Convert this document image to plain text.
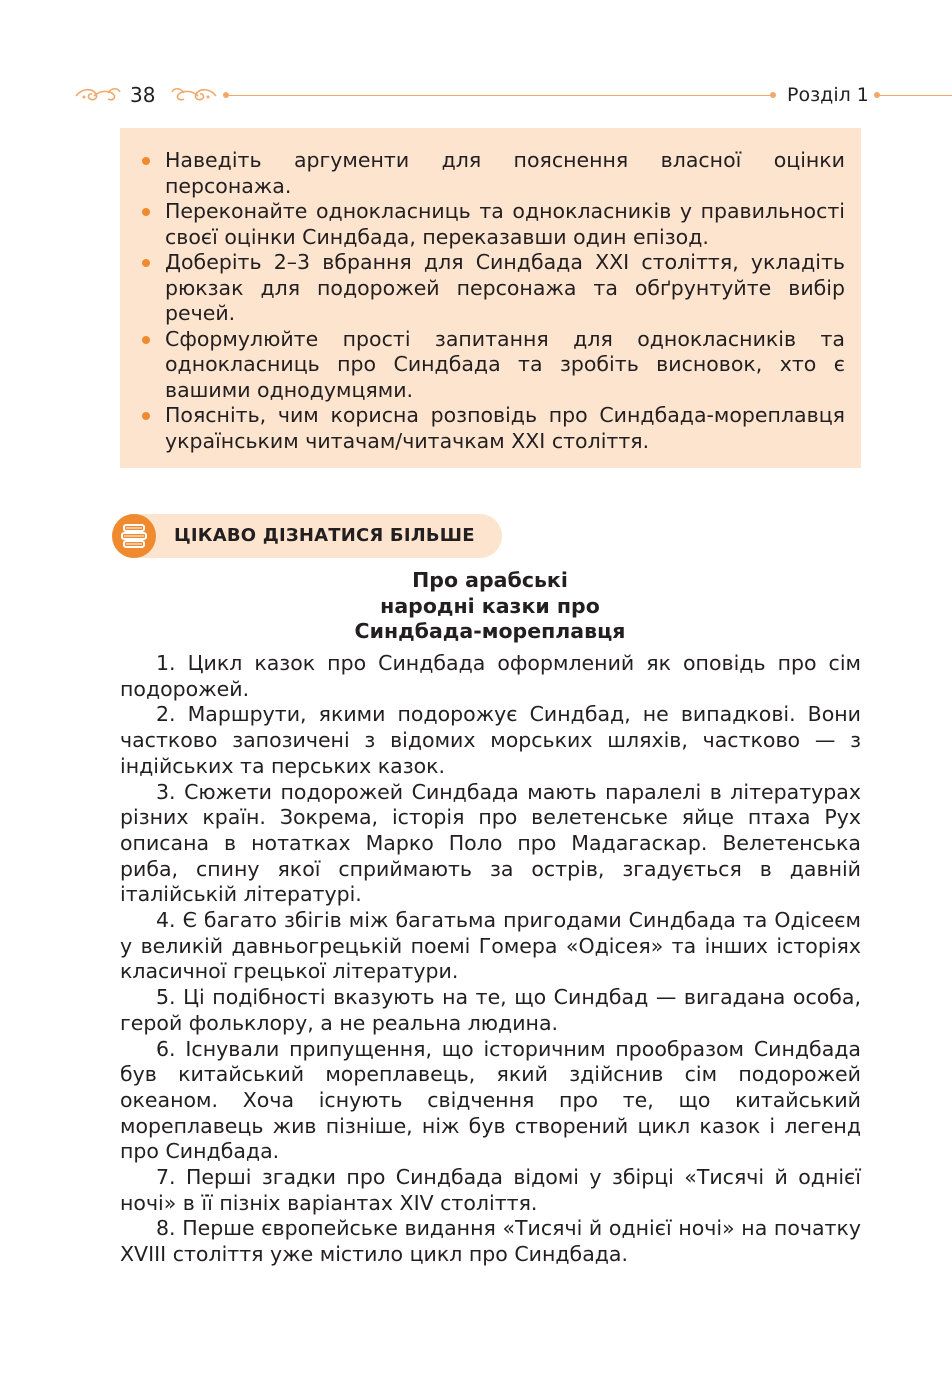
38	Розділ 1
Наведіть аргументи для пояснення власної оцінки персонажа.
Переконайте однокласниць та однокласників у правильності своєї оцінки Синдбада, переказавши один епізод.
Доберіть 2–3 вбрання для Синдбада XXI століття, укладіть рюкзак для подорожей персонажа та обґрунтуйте вибір речей.
Сформулюйте прості запитання для однокласників та однокласниць про Синдбада та зробіть висновок, хто є вашими однодумцями.
Поясніть, чим корисна розповідь про Синдбада-мореплавця українським читачам/читачкам XXI століття.
ЦІКАВО ДІЗНАТИСЯ БІЛЬШЕ
Про арабські
народні казки про
Синдбада-мореплавця

1. Цикл казок про Синдбада оформлений як оповідь про сім подорожей.

2. Маршрути, якими подорожує Синдбад, не випадкові. Вони частково запозичені з відомих морських шляхів, частково — з індійських та перських казок.

3. Сюжети подорожей Синдбада мають паралелі в літературах різних країн. Зокрема, історія про велетенське яйце птаха Рух описана в нотатках Марко Поло про Мадагаскар. Велетенська риба, спину якої сприймають за острів, згадується в давній італійській літературі.

4. Є багато збігів між багатьма пригодами Синдбада та Одісеєм у великій давньогрецькій поемі Гомера «Одісея» та інших історіях класичної грецької літератури.

5. Ці подібності вказують на те, що Синдбад — вигадана особа, герой фольклору, а не реальна людина.

6. Існували припущення, що історичним прообразом Синдбада був китайський мореплавець, який здійснив сім подорожей океаном. Хоча існують свідчення про те, що китайський мореплавець жив пізніше, ніж був створений цикл казок і легенд про Синдбада.

7. Перші згадки про Синдбада відомі у збірці «Тисячі й однієї ночі» в її пізніх варіантах XIV століття.

8. Перше європейське видання «Тисячі й однієї ночі» на початку XVIII століття уже містило цикл про Синдбада.
